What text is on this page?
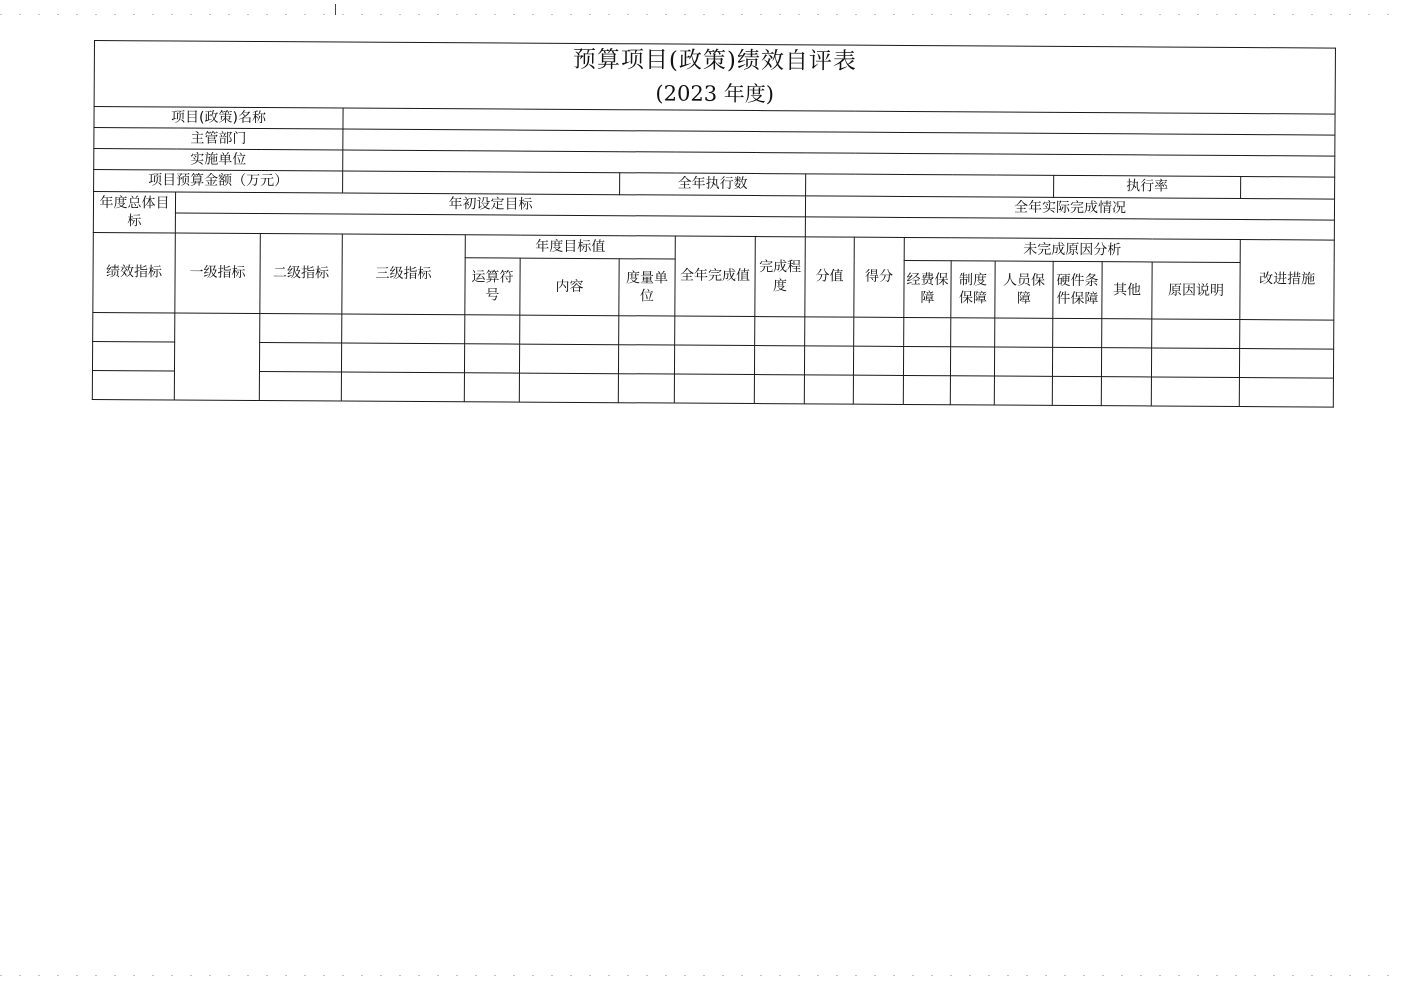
预算项目(政策)绩效自评表
(2023 年度)																	

项目(政策)名称																	
主管部门																	
实施单位																	
项目预算金额（万元）						全年执行数								执行率			
年度总体目标	年初设定目标								全年实际完成情况								

绩效指标	一级指标	二级指标	三级指标	年度目标值			全年完成值	完成程度	分值	得分	未完成原因分析						改进措施
				运算符号	内容	度量单位					经费保障	制度保障	人员保障	硬件条件保障	其他	原因说明	
